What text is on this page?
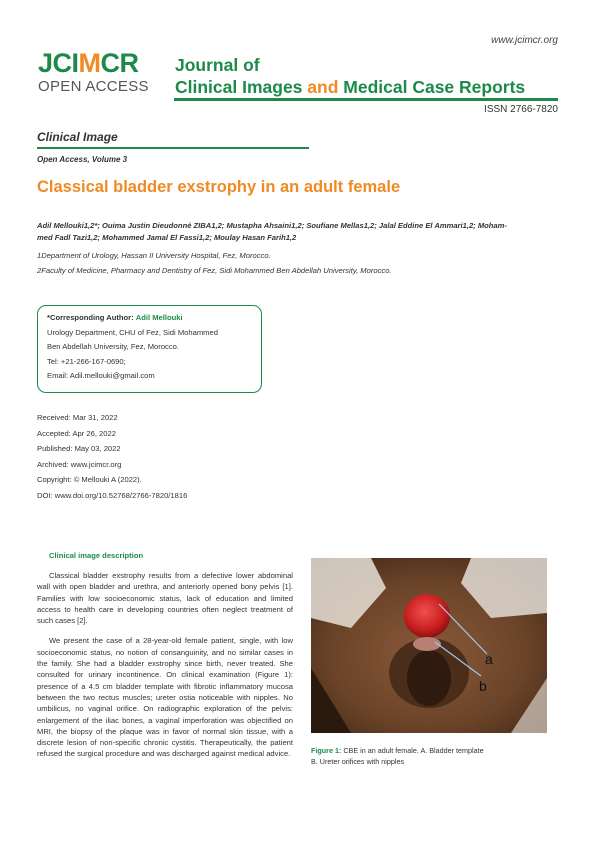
www.jcimcr.org
JCIMCR
OPEN ACCESS
Journal of
Clinical Images and Medical Case Reports
ISSN 2766-7820
Clinical Image
Open Access, Volume 3
Classical bladder exstrophy in an adult female
Adil Mellouki1,2*; Ouima Justin Dieudonné ZIBA1,2; Mustapha Ahsaini1,2; Soufiane Mellas1,2; Jalal Eddine El Ammari1,2; Moham-
med Fadl Tazi1,2; Mohammed Jamal El Fassi1,2; Moulay Hasan Farih1,2
1Department of Urology, Hassan II University Hospital, Fez, Morocco.
2Faculty of Medicine, Pharmacy and Dentistry of Fez, Sidi Mohammed Ben Abdellah University, Morocco.
*Corresponding Author: Adil Mellouki
Urology Department, CHU of Fez, Sidi Mohammed
Ben Abdellah University, Fez, Morocco.
Tel: +21-266-167-0690;
Email: Adil.mellouki@gmail.com
Received: Mar 31, 2022
Accepted: Apr 26, 2022
Published: May 03, 2022
Archived: www.jcimcr.org
Copyright: © Mellouki A (2022).
DOI: www.doi.org/10.52768/2766-7820/1816
Clinical image description

Classical bladder exstrophy results from a defective lower abdominal wall with open bladder and urethra, and anteriorly opened bony pelvis [1]. Families with low socioeconomic status, lack of education and limited access to health care in developing countries often neglect treatment of such cases [2].

We present the case of a 28-year-old female patient, single, with low socioeconomic status, no notion of consanguinity, and no similar cases in the family. She had a bladder exstrophy since birth, never treated. She consulted for urinary incontinence. On clinical examination (Figure 1): presence of a 4.5 cm bladder template with fibrotic inflammatory mucosa between the two rectus muscles; ureter ostia noticeable with nipples. No umbilicus, no vaginal orifice. On radiographic exploration of the pelvis: enlargement of the iliac bones, a vaginal imperforation was objectified on MRI, the biopsy of the plaque was in favor of normal skin tissue, with a discrete lesion of non-specific chronic cystitis. Therapeutically, the patient refused the surgical procedure and was discharged against medical advice.

a
b
Figure 1: CBE in an adult female. A. Bladder template
B. Ureter orifices with nipples
